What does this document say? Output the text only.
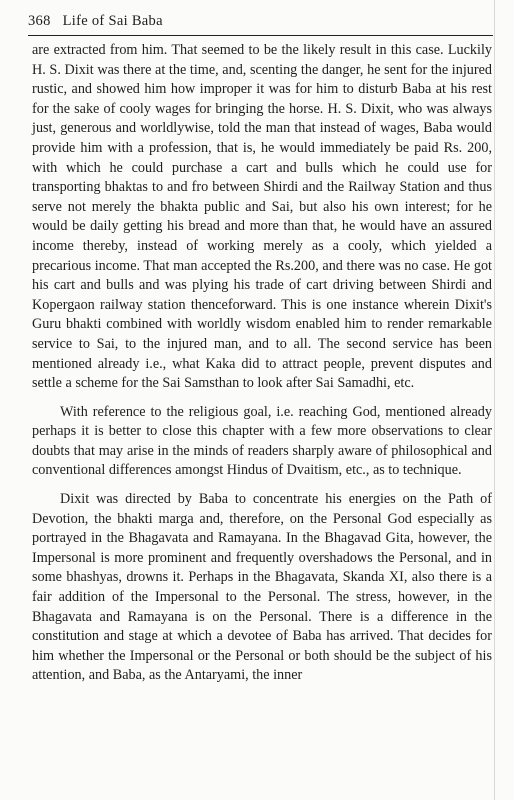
368 Life of Sai Baba

are extracted from him. That seemed to be the likely result in this case. Luckily H. S. Dixit was there at the time, and, scenting the danger, he sent for the injured rustic, and showed him how improper it was for him to disturb Baba at his rest for the sake of cooly wages for bringing the horse. H. S. Dixit, who was always just, generous and worldlywise, told the man that instead of wages, Baba would provide him with a profession, that is, he would immediately be paid Rs. 200, with which he could purchase a cart and bulls which he could use for transporting bhaktas to and fro between Shirdi and the Railway Station and thus serve not merely the bhakta public and Sai, but also his own interest; for he would be daily getting his bread and more than that, he would have an assured income thereby, instead of working merely as a cooly, which yielded a precarious income. That man accepted the Rs.200, and there was no case. He got his cart and bulls and was plying his trade of cart driving between Shirdi and Kopergaon railway station thenceforward. This is one instance wherein Dixit's Guru bhakti combined with worldly wisdom enabled him to render remarkable service to Sai, to the injured man, and to all. The second service has been mentioned already i.e., what Kaka did to attract people, prevent disputes and settle a scheme for the Sai Samsthan to look after Sai Samadhi, etc.

With reference to the religious goal, i.e. reaching God, mentioned already perhaps it is better to close this chapter with a few more observations to clear doubts that may arise in the minds of readers sharply aware of philosophical and conventional differences amongst Hindus of Dvaitism, etc., as to technique.

Dixit was directed by Baba to concentrate his energies on the Path of Devotion, the bhakti marga and, therefore, on the Personal God especially as portrayed in the Bhagavata and Ramayana. In the Bhagavad Gita, however, the Impersonal is more prominent and frequently overshadows the Personal, and in some bhashyas, drowns it. Perhaps in the Bhagavata, Skanda XI, also there is a fair addition of the Impersonal to the Personal. The stress, however, in the Bhagavata and Ramayana is on the Personal. There is a difference in the constitution and stage at which a devotee of Baba has arrived. That decides for him whether the Impersonal or the Personal or both should be the subject of his attention, and Baba, as the Antaryami, the inner
